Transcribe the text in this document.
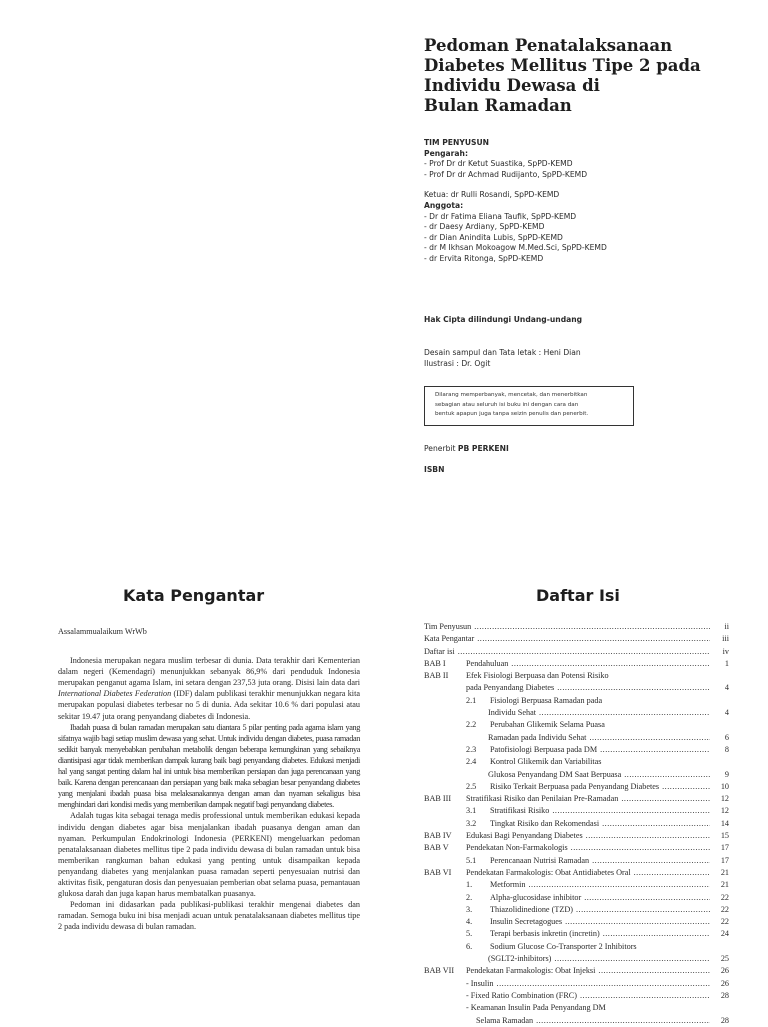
Pedoman Penatalaksanaan
Diabetes Mellitus Tipe 2 pada
Individu Dewasa di
Bulan Ramadan
TIM PENYUSUN
Pengarah:
- Prof Dr dr Ketut Suastika, SpPD-KEMD
- Prof Dr dr Achmad Rudijanto, SpPD-KEMD
Ketua: dr Rulli Rosandi, SpPD-KEMD
Anggota:
- Dr dr Fatima Eliana Taufik, SpPD-KEMD
- dr Daesy Ardiany, SpPD-KEMD
- dr Dian Anindita Lubis, SpPD-KEMD
- dr M Ikhsan Mokoagow M.Med.Sci, SpPD-KEMD
- dr Ervita Ritonga, SpPD-KEMD
Hak Cipta dilindungi Undang-undang
Desain sampul dan Tata letak : Heni Dian
Ilustrasi : Dr. Ogit
Dilarang memperbanyak, mencetak, dan menerbitkan
sebagian atau seluruh isi buku ini dengan cara dan
bentuk apapun juga tanpa seizin penulis dan penerbit.
Penerbit PB PERKENI
ISBN
Kata Pengantar

Assalammualaikum WrWb

Indonesia merupakan negara muslim terbesar di dunia. Data terakhir dari Kementerian dalam negeri (Kemendagri) menunjukkan sebanyak 86,9% dari penduduk Indonesia merupakan penganut agama Islam, ini setara dengan 237,53 juta orang. Disisi lain data dari International Diabetes Federation (IDF) dalam publikasi terakhir menunjukkan negara kita merupakan populasi diabetes terbesar no 5 di dunia. Ada sekitar 10.6 % dari populasi atau sekitar 19.47 juta orang penyandang diabetes di Indonesia.

Ibadah puasa di bulan ramadan merupakan satu diantara 5 pilar penting pada agama islam yang sifatnya wajib bagi setiap muslim dewasa yang sehat. Untuk individu dengan diabetes, puasa ramadan sedikit banyak menyebabkan perubahan metabolik dengan beberapa kemungkinan yang sebaiknya diantisipasi agar tidak memberikan dampak kurang baik bagi penyandang diabetes. Edukasi menjadi hal yang sangat penting dalam hal ini untuk bisa memberikan persiapan dan juga perencanaan yang baik. Karena dengan perencanaan dan persiapan yang baik maka sebagian besar penyandang diabetes yang menjalani ibadah puasa bisa melaksanakannya dengan aman dan nyaman sekaligus bisa menghindari dari kondisi medis yang memberikan dampak negatif bagi penyandang diabetes.

Adalah tugas kita sebagai tenaga medis professional untuk memberikan edukasi kepada individu dengan diabetes agar bisa menjalankan ibadah puasanya dengan aman dan nyaman. Perkumpulan Endokrinologi Indonesia (PERKENI) mengeluarkan pedoman penatalaksanaan diabetes mellitus tipe 2 pada individu dewasa di bulan ramadan untuk bisa memberikan rangkuman bahan edukasi yang penting untuk disampaikan kepada penyandang diabetes yang menjalankan puasa ramadan seperti penyesuaian nutrisi dan aktivitas fisik, pengaturan dosis dan penyesuaian pemberian obat selama puasa, pemantauan glukosa darah dan juga kapan harus membatalkan puasanya.

Pedoman ini didasarkan pada publikasi-publikasi terakhir mengenai diabetes dan ramadan. Semoga buku ini bisa menjadi acuan untuk penatalaksanaan diabetes mellitus tipe 2 pada individu dewasa di bulan ramadan.

Daftar Isi
Tim Penyusun .....	ii
Kata Pengantar .....	iii
Daftar isi .....	iv
BAB I Pendahuluan .....	1
BAB II Efek Fisiologi Berpuasa dan Potensi Risiko
pada Penyandang Diabetes .....	4
2.1	Fisiologi Berpuasa Ramadan pada
Individu Sehat .....	4
2.2	Perubahan Glikemik Selama Puasa
Ramadan pada Individu Sehat .....	6
2.3	Patofisiologi Berpuasa pada DM .....	8
2.4	Kontrol Glikemik dan Variabilitas
Glukosa Penyandang DM Saat Berpuasa .....	9
2.5	Risiko Terkait Berpuasa pada Penyandang Diabetes .....	10
BAB III Stratifikasi Risiko dan Penilaian Pre-Ramadan .....	12
3.1	Stratifikasi Risiko .....	12
3.2	Tingkat Risiko dan Rekomendasi .....	14
BAB IV Edukasi Bagi Penyandang Diabetes .....	15
BAB V Pendekatan Non-Farmakologis .....	17
5.1	Perencanaan Nutrisi Ramadan .....	17
BAB VI Pendekatan Farmakologis: Obat Antidiabetes Oral .....	21
1.	Metformin .....	21
2.	Alpha-glucosidase inhibitor .....	22
3.	Thiazolidinedione (TZD) .....	22
4.	Insulin Secretagogues .....	22
5.	Terapi berbasis inkretin (incretin) .....	24
6.	Sodium Glucose Co-Transporter 2 Inhibitors
(SGLT2-inhibitors) .....	25
BAB VII Pendekatan Farmakologis: Obat Injeksi .....	26
- Insulin .....	26
- Fixed Ratio Combination (FRC) .....	28
- Keamanan Insulin Pada Penyandang DM
Selama Ramadan .....	28
